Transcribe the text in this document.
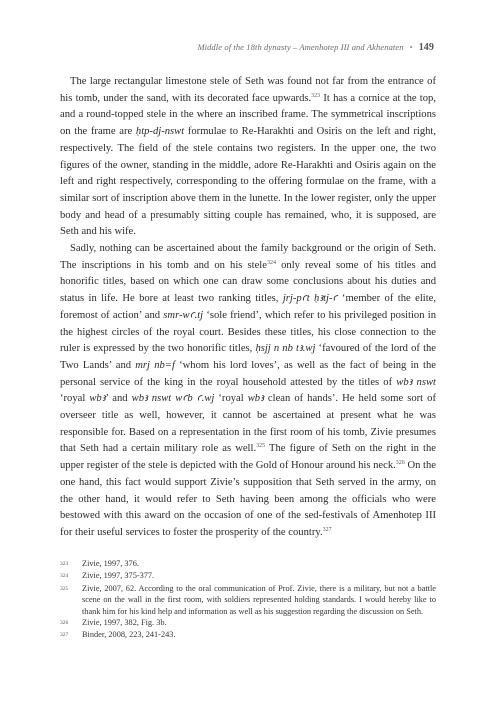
Middle of the 18th dynasty – Amenhotep III and Akhenaten • 149

The large rectangular limestone stele of Seth was found not far from the entrance of his tomb, under the sand, with its decorated face upwards.$^{323}$ It has a cornice at the top, and a round-topped stele in the where an inscribed frame. The symmetrical inscriptions on the frame are ḥtp-dj-nswt formulae to Re-Harakhti and Osiris on the left and right, respectively. The field of the stele contains two registers. In the upper one, the two figures of the owner, standing in the middle, adore Re-Harakhti and Osiris again on the left and right respectively, corresponding to the offering formulae on the frame, with a similar sort of inscription above them in the lunette. In the lower register, only the upper body and head of a presumably sitting couple has remained, who, it is supposed, are Seth and his wife.

Sadly, nothing can be ascertained about the family background or the origin of Seth. The inscriptions in his tomb and on his stele$^{324}$ only reveal some of his titles and honorific titles, based on which one can draw some conclusions about his duties and status in life. He bore at least two ranking titles, jrj-pꜥt ḥꜣtj-ꜥ ‘member of the elite, foremost of action’ and smr-wꜥ.tj ‘sole friend’, which refer to his privileged position in the highest circles of the royal court. Besides these titles, his close connection to the ruler is expressed by the two honorific titles, ḥsjj n nb tꜣ.wj ‘favoured of the lord of the Two Lands’ and mrj nb=f ‘whom his lord loves’, as well as the fact of being in the personal service of the king in the royal household attested by the titles of wbꜣ nswt ‘royal wbꜣ’ and wbꜣ nswt wꜥb ꜥ.wj ‘royal wbꜣ clean of hands’. He held some sort of overseer title as well, however, it cannot be ascertained at present what he was responsible for. Based on a representation in the first room of his tomb, Zivie presumes that Seth had a certain military role as well.$^{325}$ The figure of Seth on the right in the upper register of the stele is depicted with the Gold of Honour around his neck.$^{326}$ On the one hand, this fact would support Zivie’s supposition that Seth served in the army, on the other hand, it would refer to Seth having been among the officials who were bestowed with this award on the occasion of one of the sed-festivals of Amenhotep III for their useful services to foster the prosperity of the country.$^{327}$

323	Zivie, 1997, 376.
324	Zivie, 1997, 375-377.
325	Zivie, 2007, 62. According to the oral communication of Prof. Zivie, there is a military, but not a battle scene on the wall in the first room, with soldiers represented holding standards. I would hereby like to thank him for his kind help and information as well as his suggestion regarding the discussion on Seth.
326	Zivie, 1997, 382, Fig. 3b.
327	Binder, 2008, 223, 241-243.
